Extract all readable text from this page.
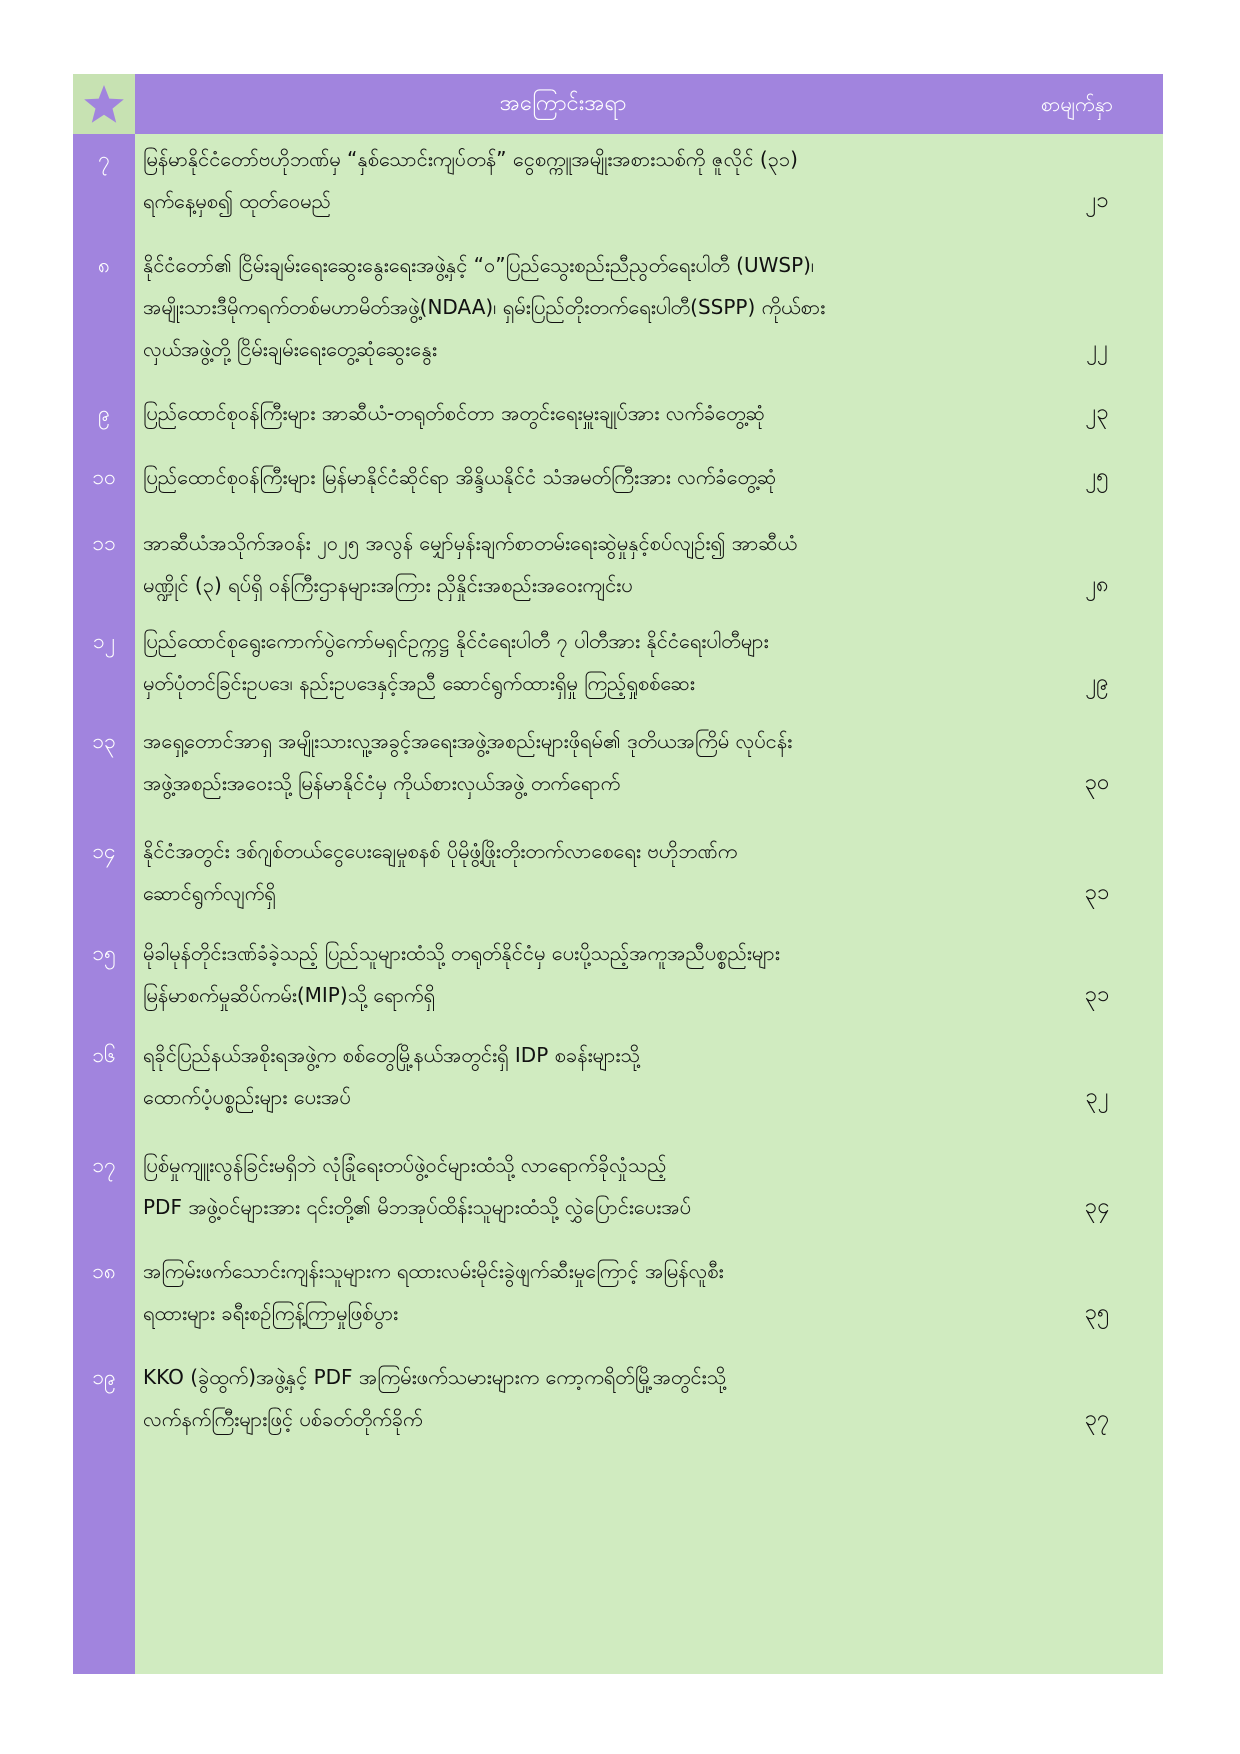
အကြောင်းအရာ	စာမျက်နှာ
၇	မြန်မာနိုင်ငံတော်ဗဟိုဘဏ်မှ “နှစ်သောင်းကျပ်တန်” ငွေစက္ကူအမျိုးအစားသစ်ကို ဇူလိုင် (၃၁)
ရက်နေ့မှစ၍ ထုတ်ဝေမည်	၂၁
၈	နိုင်ငံတော်၏ ငြိမ်းချမ်းရေးဆွေးနွေးရေးအဖွဲ့နှင့် “ဝ”ပြည်သွေးစည်းညီညွတ်ရေးပါတီ (UWSP)၊
အမျိုးသားဒီမိုကရက်တစ်မဟာမိတ်အဖွဲ့(NDAA)၊ ရှမ်းပြည်တိုးတက်ရေးပါတီ(SSPP) ကိုယ်စား
လှယ်အဖွဲ့တို့ ငြိမ်းချမ်းရေးတွေ့ဆုံဆွေးနွေး	၂၂
၉	ပြည်ထောင်စုဝန်ကြီးများ အာဆီယံ-တရုတ်စင်တာ အတွင်းရေးမှူးချုပ်အား လက်ခံတွေ့ဆုံ	၂၃
၁၀	ပြည်ထောင်စုဝန်ကြီးများ မြန်မာနိုင်ငံဆိုင်ရာ အိန္ဒိယနိုင်ငံ သံအမတ်ကြီးအား လက်ခံတွေ့ဆုံ	၂၅
၁၁	အာဆီယံအသိုက်အဝန်း ၂၀၂၅ အလွန် မျှော်မှန်းချက်စာတမ်းရေးဆွဲမှုနှင့်စပ်လျဉ်း၍ အာဆီယံ
မဏ္ဍိုင် (၃) ရပ်ရှိ ဝန်ကြီးဌာနများအကြား ညှိနှိုင်းအစည်းအဝေးကျင်းပ	၂၈
၁၂	ပြည်ထောင်စုရွေးကောက်ပွဲကော်မရှင်ဥက္ကဋ္ဌ နိုင်ငံရေးပါတီ ၇ ပါတီအား နိုင်ငံရေးပါတီများ
မှတ်ပုံတင်ခြင်းဥပဒေ၊ နည်းဥပဒေနှင့်အညီ ဆောင်ရွက်ထားရှိမှု ကြည့်ရှုစစ်ဆေး	၂၉
၁၃	အရှေ့တောင်အာရှ အမျိုးသားလူ့အခွင့်အရေးအဖွဲ့အစည်းများဖိုရမ်၏ ဒုတိယအကြိမ် လုပ်ငန်း
အဖွဲ့အစည်းအဝေးသို့ မြန်မာနိုင်ငံမှ ကိုယ်စားလှယ်အဖွဲ့ တက်ရောက်	၃၀
၁၄	နိုင်ငံအတွင်း ဒစ်ဂျစ်တယ်ငွေပေးချေမှုစနစ် ပိုမိုဖွံ့ဖြိုးတိုးတက်လာစေရေး ဗဟိုဘဏ်က
ဆောင်ရွက်လျက်ရှိ	၃၁
၁၅	မိုခါမုန်တိုင်းဒဏ်ခံခဲ့သည့် ပြည်သူများထံသို့ တရုတ်နိုင်ငံမှ ပေးပို့သည့်အကူအညီပစ္စည်းများ
မြန်မာစက်မှုဆိပ်ကမ်း(MIP)သို့ ရောက်ရှိ	၃၁
၁၆	ရခိုင်ပြည်နယ်အစိုးရအဖွဲ့က စစ်တွေမြို့နယ်အတွင်းရှိ IDP စခန်းများသို့
ထောက်ပံ့ပစ္စည်းများ ပေးအပ်	၃၂
၁၇	ပြစ်မှုကျူးလွန်ခြင်းမရှိဘဲ လုံခြုံရေးတပ်ဖွဲ့ဝင်များထံသို့ လာရောက်ခိုလှုံသည့်
PDF အဖွဲ့ဝင်များအား ၎င်းတို့၏ မိဘအုပ်ထိန်းသူများထံသို့ လွှဲပြောင်းပေးအပ်	၃၄
၁၈	အကြမ်းဖက်သောင်းကျန်းသူများက ရထားလမ်းမိုင်းခွဲဖျက်ဆီးမှုကြောင့် အမြန်လူစီး
ရထားများ ခရီးစဉ်ကြန့်ကြာမှုဖြစ်ပွား	၃၅
၁၉	KKO (ခွဲထွက်)အဖွဲ့နှင့် PDF အကြမ်းဖက်သမားများက ကော့ကရိတ်မြို့အတွင်းသို့
လက်နက်ကြီးများဖြင့် ပစ်ခတ်တိုက်ခိုက်	၃၇
